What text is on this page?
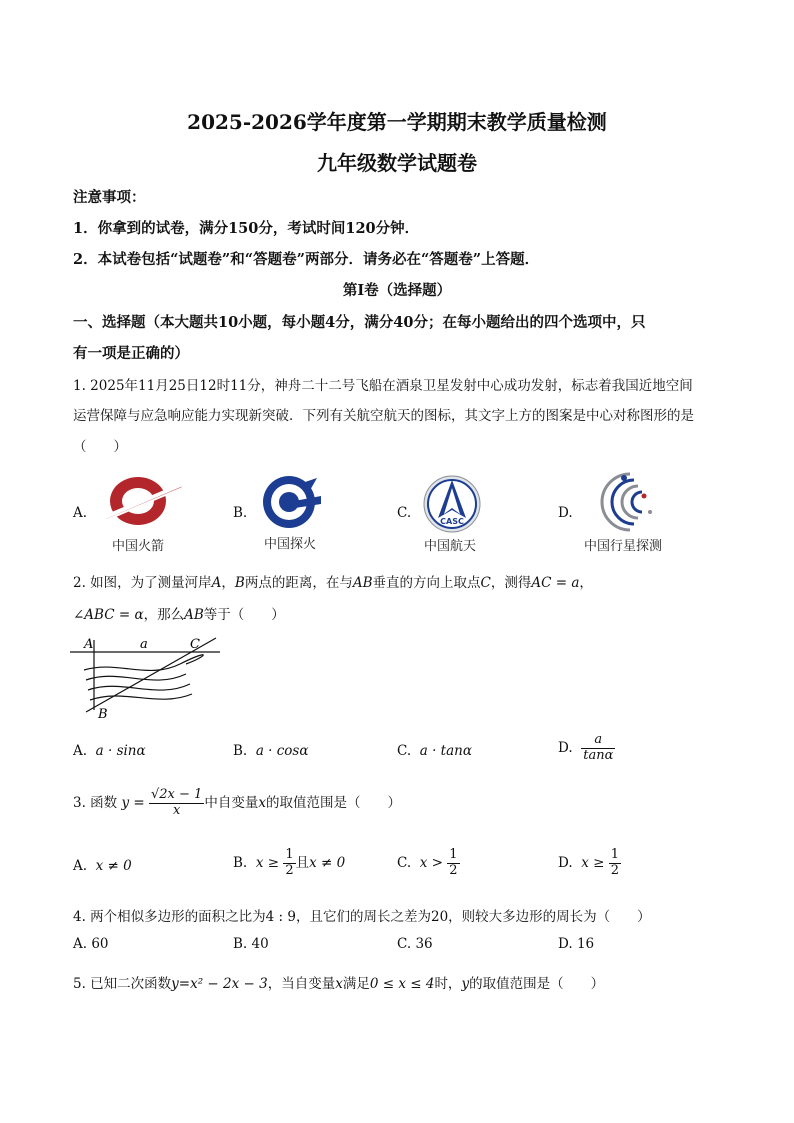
2025-2026学年度第一学期期末教学质量检测
九年级数学试题卷
注意事项：
1．你拿到的试卷，满分150分，考试时间120分钟．
2．本试卷包括“试题卷”和“答题卷”两部分．请务必在“答题卷”上答题．
第Ⅰ卷（选择题）
一、选择题（本大题共10小题，每小题4分，满分40分；在每小题给出的四个选项中，只
有一项是正确的）
1. 2025年11月25日12时11分，神舟二十二号飞船在酒泉卫星发射中心成功发射，标志着我国近地空间
运营保障与应急响应能力实现新突破．下列有关航空航天的图标，其文字上方的图案是中心对称图形的是
（　　）
A.	B.	C.	D.
中国火箭	中国探火
CASC
中国航天	中国行星探测
2. 如图，为了测量河岸A，B两点的距离，在与AB垂直的方向上取点C，测得AC = a，
∠ABC = α，那么AB等于（　　）
A	a	C
B
A. a · sinα	B. a · cosα	C. a · tanα	D. $\frac{a}{\tan\alpha}$
3. 函数 $y = \frac{√2x - 1}{x}$ 中自变量x的取值范围是（　　）
A. x ≠ 0	B. $x \ge \frac{1}{2}$ 且x ≠ 0	C. $x > \frac{1}{2}$	D. $x \ge \frac{1}{2}$
4. 两个相似多边形的面积之比为4 : 9，且它们的周长之差为20，则较大多边形的周长为（　　）
A. 60	B. 40	C. 36	D. 16
5. 已知二次函数y=x² − 2x − 3，当自变量x满足0 ≤ x ≤ 4时，y的取值范围是（　　）
